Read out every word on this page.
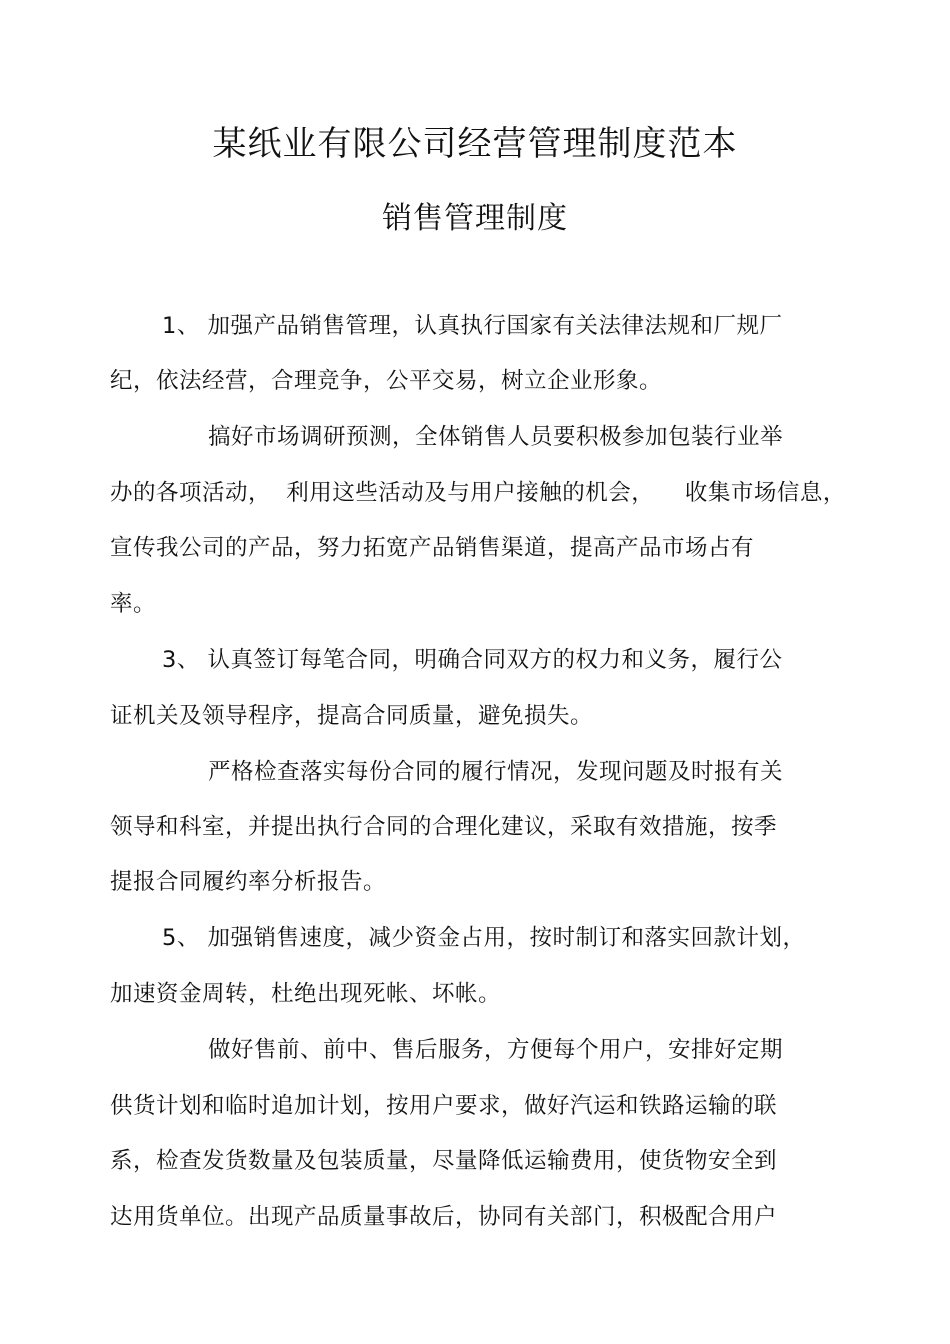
某纸业有限公司经营管理制度范本
销售管理制度
1、 加强产品销售管理，认真执行国家有关法律法规和厂规厂
纪，依法经营，合理竞争，公平交易，树立企业形象。
搞好市场调研预测，全体销售人员要积极参加包装行业举
办的各项活动，  利用这些活动及与用户接触的机会，    收集市场信息，
宣传我公司的产品，努力拓宽产品销售渠道，提高产品市场占有
率。
3、 认真签订每笔合同，明确合同双方的权力和义务，履行公
证机关及领导程序，提高合同质量，避免损失。
严格检查落实每份合同的履行情况，发现问题及时报有关
领导和科室，并提出执行合同的合理化建议，采取有效措施，按季
提报合同履约率分析报告。
5、 加强销售速度，减少资金占用，按时制订和落实回款计划，
加速资金周转，杜绝出现死帐、坏帐。
做好售前、前中、售后服务，方便每个用户，安排好定期
供货计划和临时追加计划，按用户要求，做好汽运和铁路运输的联
系，检查发货数量及包装质量，尽量降低运输费用，使货物安全到
达用货单位。出现产品质量事故后，协同有关部门，积极配合用户
